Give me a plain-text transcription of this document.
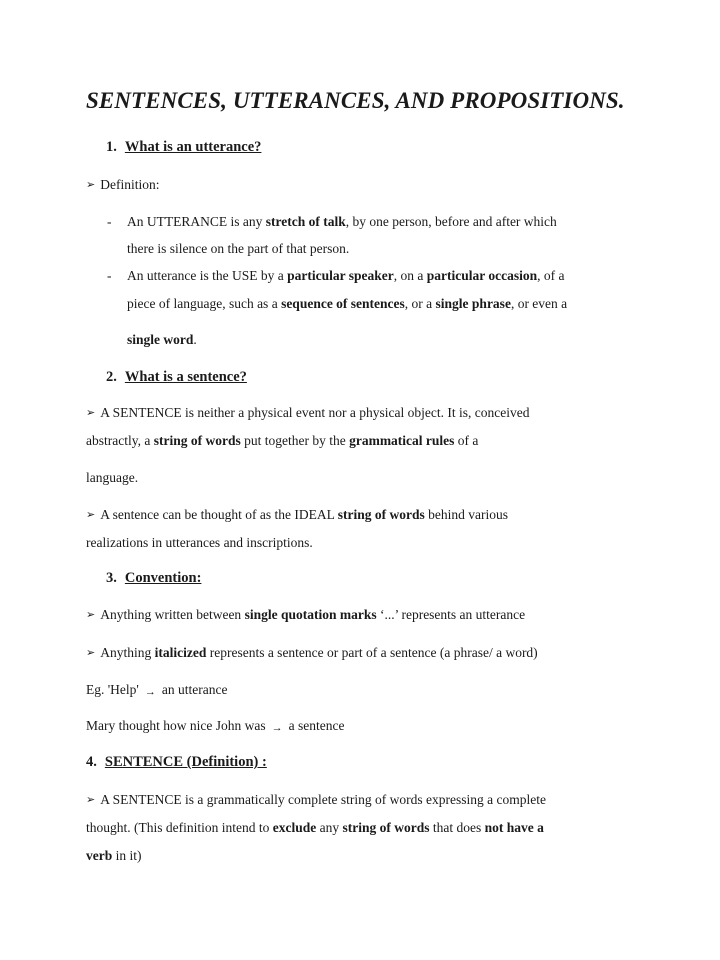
SENTENCES, UTTERANCES, AND PROPOSITIONS.
1. What is an utterance?
➢ Definition:
- An UTTERANCE is any stretch of talk, by one person, before and after which
there is silence on the part of that person.
- An utterance is the USE by a particular speaker, on a particular occasion, of a
piece of language, such as a sequence of sentences, or a single phrase, or even a
single word.
2. What is a sentence?
➢ A SENTENCE is neither a physical event nor a physical object. It is, conceived
abstractly, a string of words put together by the grammatical rules of a
language.
➢ A sentence can be thought of as the IDEAL string of words behind various
realizations in utterances and inscriptions.
3. Convention:
➢ Anything written between single quotation marks ‘...’ represents an utterance
➢ Anything italicized represents a sentence or part of a sentence (a phrase/ a word)
Eg. 'Help' → an utterance
Mary thought how nice John was → a sentence
4. SENTENCE (Definition) :
➢ A SENTENCE is a grammatically complete string of words expressing a complete
thought. (This definition intend to exclude any string of words that does not have a
verb in it)
